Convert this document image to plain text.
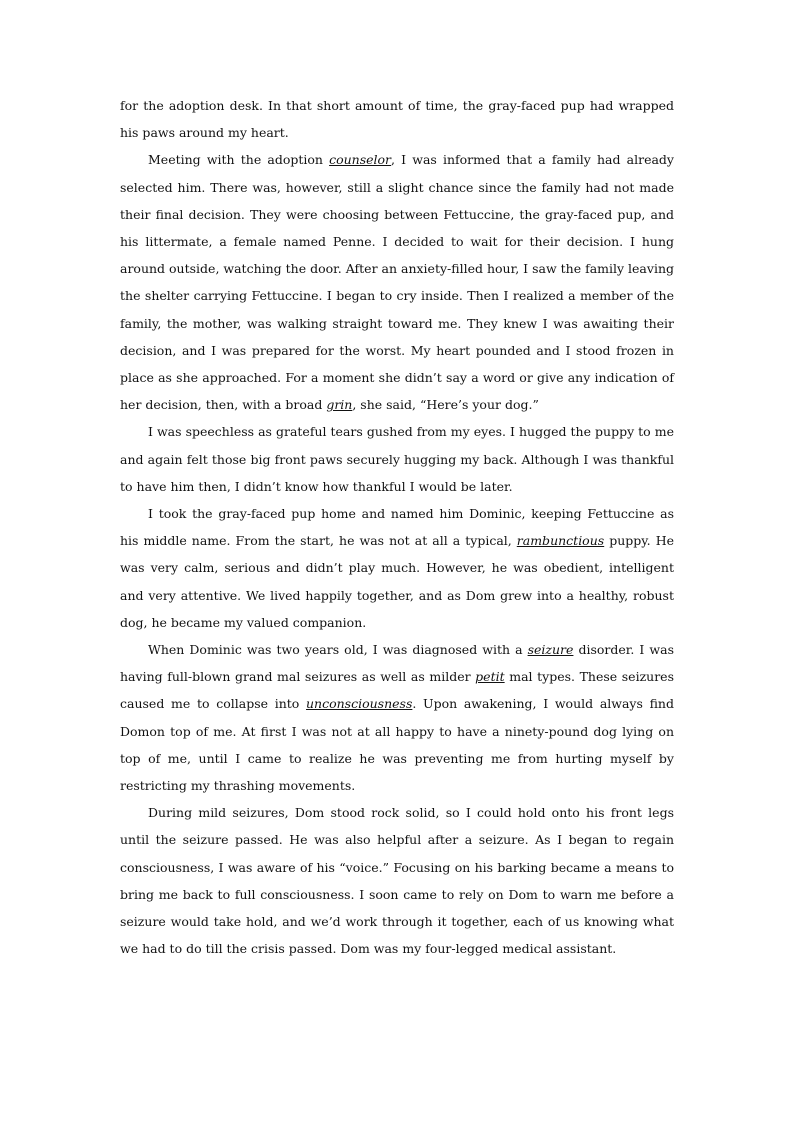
for the adoption desk. In that short amount of time, the gray-faced pup had wrapped his paws around my heart.

Meeting with the adoption counselor, I was informed that a family had already selected him. There was, however, still a slight chance since the family had not made their final decision. They were choosing between Fettuccine, the gray-faced pup, and his littermate, a female named Penne. I decided to wait for their decision. I hung around outside, watching the door. After an anxiety-filled hour, I saw the family leaving the shelter carrying Fettuccine. I began to cry inside. Then I realized a member of the family, the mother, was walking straight toward me. They knew I was awaiting their decision, and I was prepared for the worst. My heart pounded and I stood frozen in place as she approached. For a moment she didn’t say a word or give any indication of her decision, then, with a broad grin, she said, “Here’s your dog.”

I was speechless as grateful tears gushed from my eyes. I hugged the puppy to me and again felt those big front paws securely hugging my back. Although I was thankful to have him then, I didn’t know how thankful I would be later.

I took the gray-faced pup home and named him Dominic, keeping Fettuccine as his middle name. From the start, he was not at all a typical, rambunctious puppy. He was very calm, serious and didn’t play much. However, he was obedient, intelligent and very attentive. We lived happily together, and as Dom grew into a healthy, robust dog, he became my valued companion.

When Dominic was two years old, I was diagnosed with a seizure disorder. I was having full-blown grand mal seizures as well as milder petit mal types. These seizures caused me to collapse into unconsciousness. Upon awakening, I would always find Domon top of me. At first I was not at all happy to have a ninety-pound dog lying on top of me, until I came to realize he was preventing me from hurting myself by restricting my thrashing movements.

During mild seizures, Dom stood rock solid, so I could hold onto his front legs until the seizure passed. He was also helpful after a seizure. As I began to regain consciousness, I was aware of his “voice.” Focusing on his barking became a means to bring me back to full consciousness. I soon came to rely on Dom to warn me before a seizure would take hold, and we’d work through it together, each of us knowing what we had to do till the crisis passed. Dom was my four-legged medical assistant.
